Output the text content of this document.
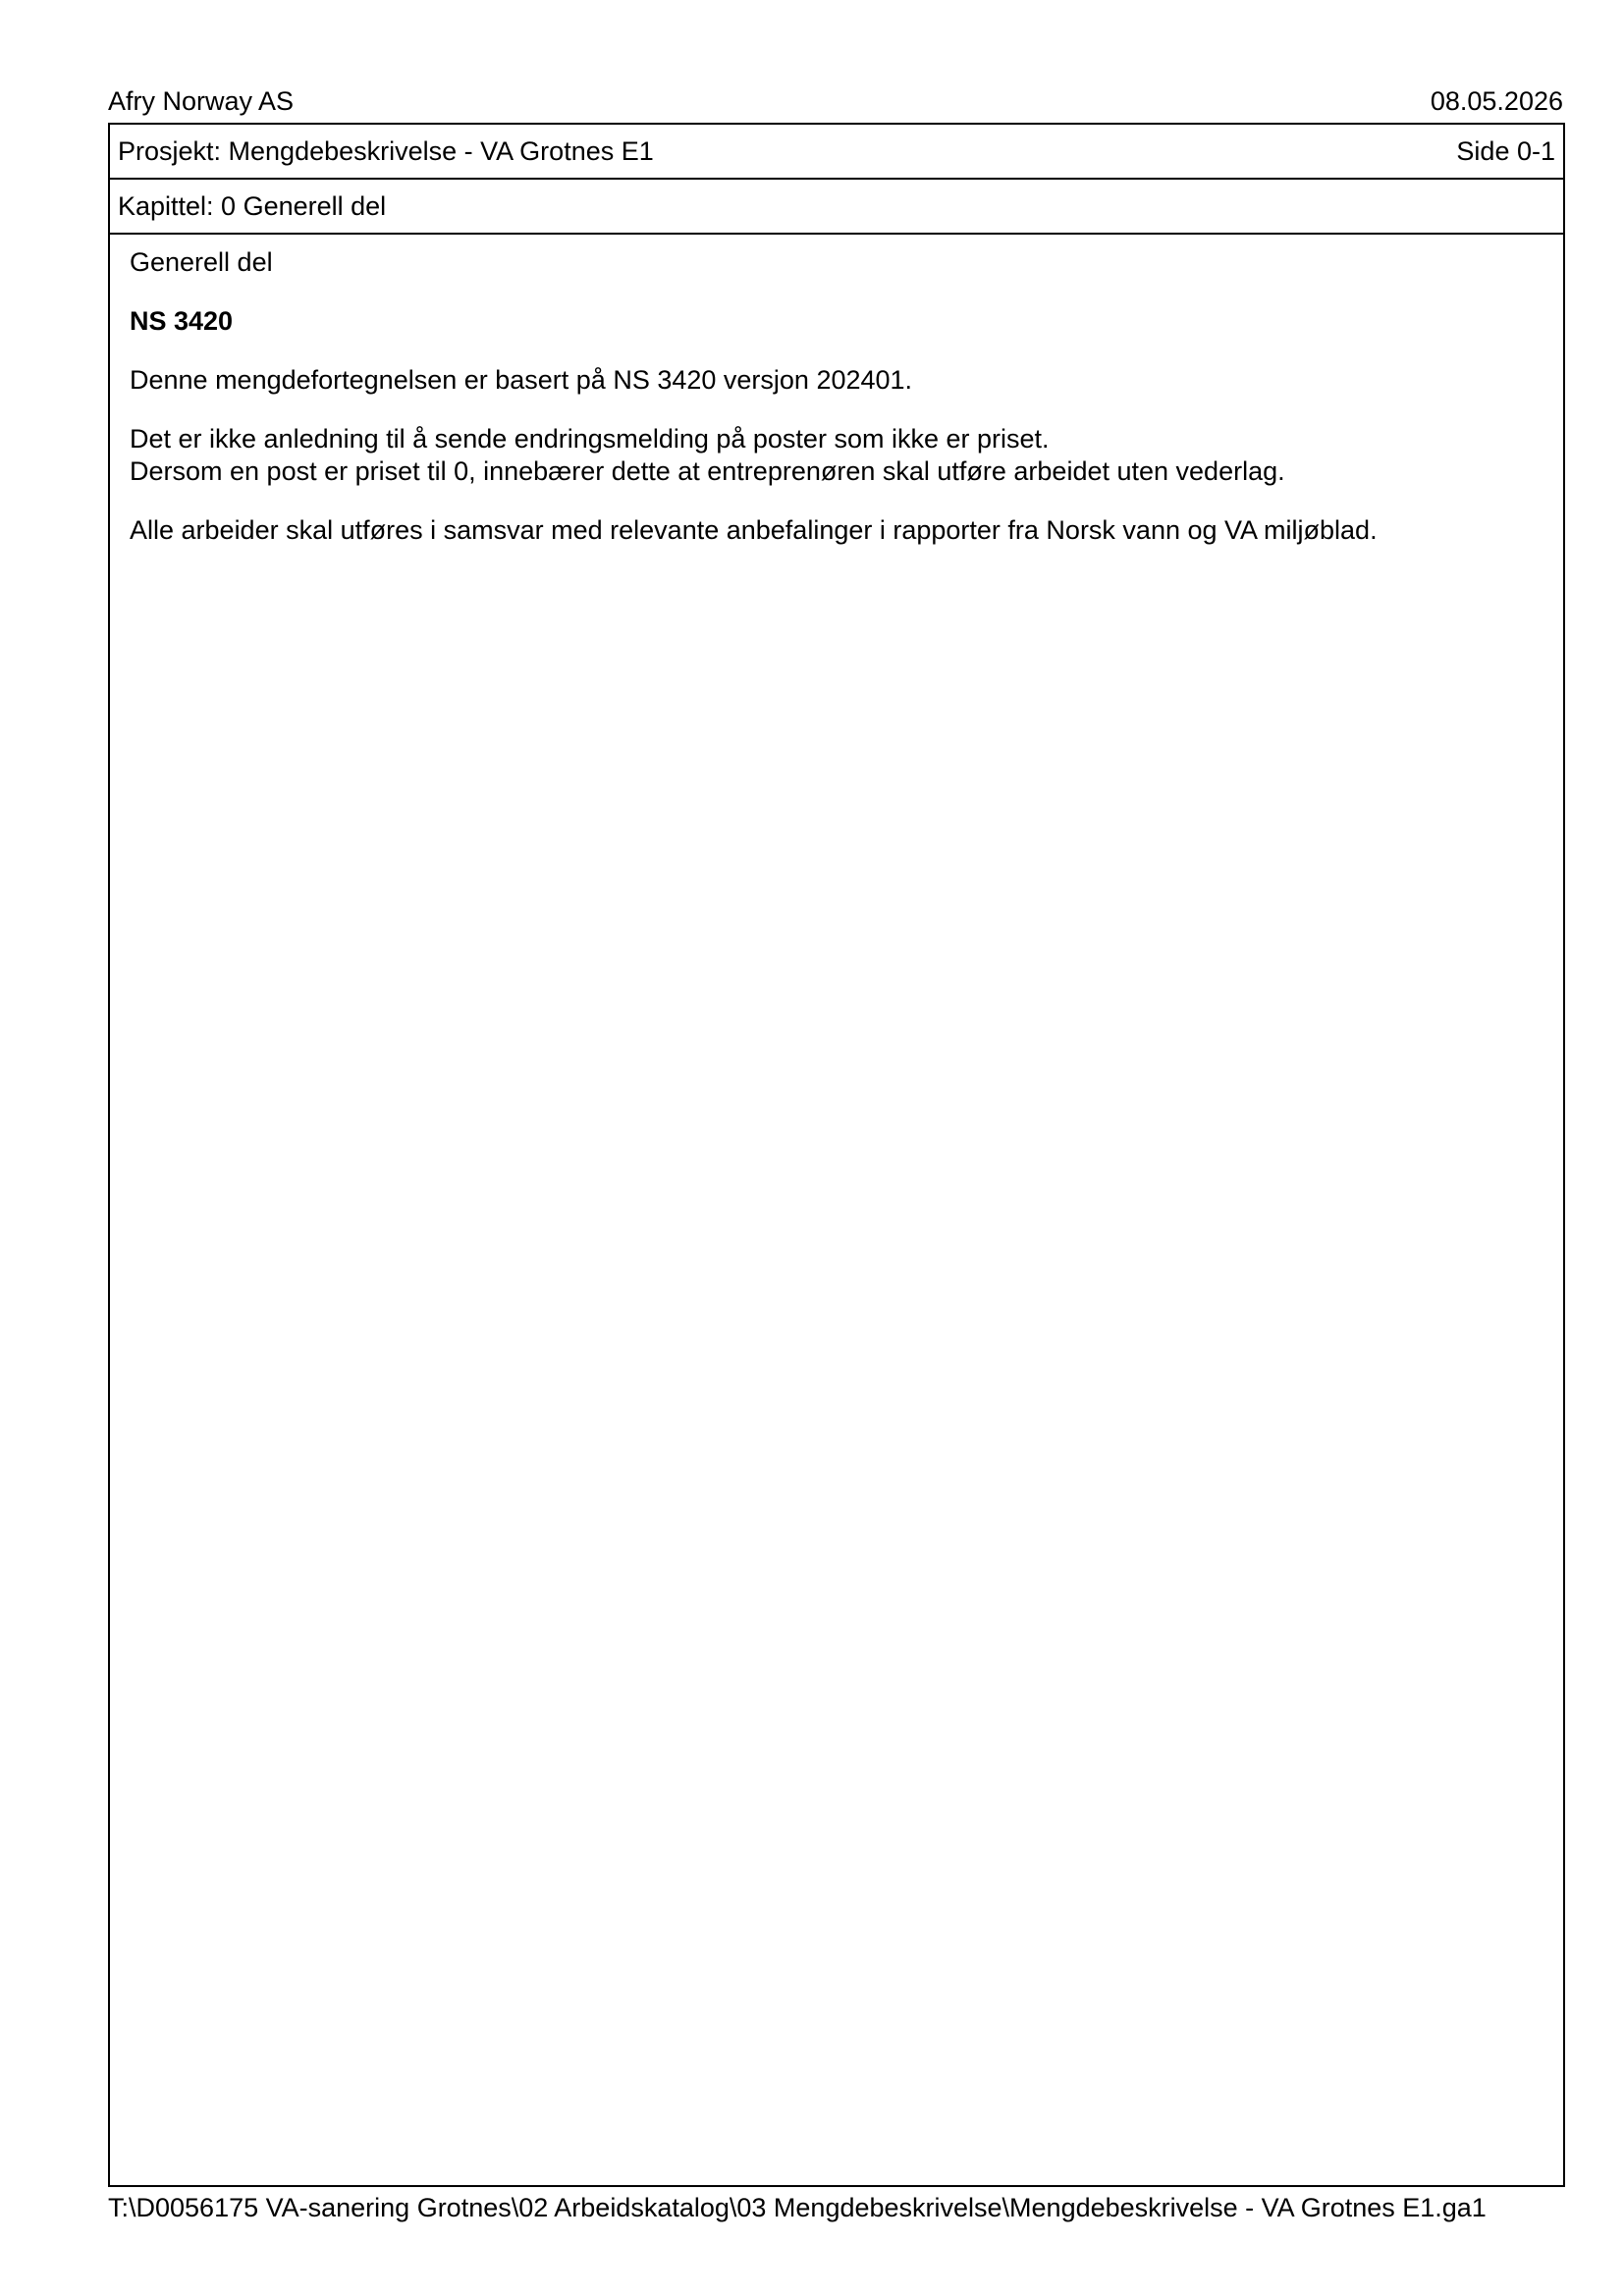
Afry Norway AS	08.05.2026
Prosjekt: Mengdebeskrivelse - VA Grotnes E1	Side 0-1
Kapittel: 0 Generell del

Generell del

NS 3420

Denne mengdefortegnelsen er basert på NS 3420 versjon 202401.

Det er ikke anledning til å sende endringsmelding på poster som ikke er priset.

Dersom en post er priset til 0, innebærer dette at entreprenøren skal utføre arbeidet uten vederlag.

Alle arbeider skal utføres i samsvar med relevante anbefalinger i rapporter fra Norsk vann og VA miljøblad.

T:\D0056175 VA-sanering Grotnes\02 Arbeidskatalog\03 Mengdebeskrivelse\Mengdebeskrivelse - VA Grotnes E1.ga1
